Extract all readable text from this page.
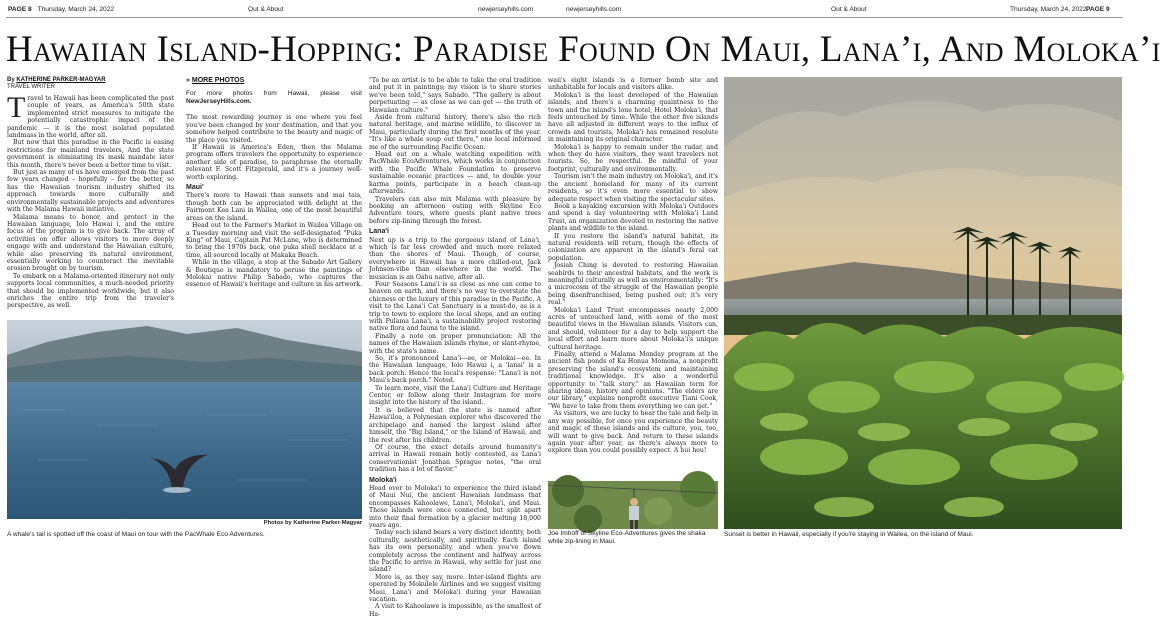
PAGE 8 Thursday, March 24, 2022	Out & About	newjerseyhills.com	newjerseyhills.com	Out & About	Thursday, March 24, 2022 PAGE 9
Hawaiian Island-Hopping: Paradise Found On Maui, Lana’i, And Moloka’i
By KATHERINE PARKER-MAGYAR
TRAVEL WRITER
T ravel to Hawaii has been complicated the past couple of years, as America's 50th state implemented strict measures to mitigate the potentially catastrophic impact of the pandemic — it is the most isolated populated landmass in the world, after all.

But now that this paradise in the Pacific is easing restrictions for mainland travelers, And the state government is eliminating its mask mandate later this month, there's never been a better time to visit.

But just as many of us have emerged from the past few years changed – hopefully – for the better, so has the Hawaiian tourism industry shifted its approach towards more culturally and environmentally sustainable projects and adventures with the Malama Hawaii initiative.

Malama means to honor, and protect in the Hawaiian language, Iolo Hawai i, and the entire focus of the program is to give back. The array of activities on offer allows visitors to more deeply engage with and understand the Hawaiian culture, while also preserving its natural environment, essentially working to counteract the inevitable erosion brought on by tourism.

To embark on a Malama-oriented itinerary not only supports local communities, a much-needed priority that should be implemented worldwide, but it also enriches the entire trip from the traveler's perspective, as well.

» MORE PHOTOS
For more photos from Hawaii, please visit NewJerseyHills.com.

The most rewarding journey is one where you feel you've been changed by your destination, and that you somehow helped contribute to the beauty and magic of the place you visited.

If Hawaii is America's Eden, then the Malama program offers travelers the opportunity to experience another side of paradise, to paraphrase the eternally relevant F. Scott Fitzgerald, and it's a journey well-worth exploring.

Maui'

There's more to Hawaii than sunsets and mai tais, though both can be appreciated with delight at the Fairmont Kea Lani in Wailea, one of the most beautiful areas on the island.

Head out to the Farmer's Market in Wailea Village on a Tuesday morning and visit the self-designated "Puka King" of Maui, Captain Pat McLane, who is determined to bring the 1970s back, one puka shell necklace at a time, all sourced locally at Makaka Beach.

While in the village, a stop at the Sabado Art Gallery & Boutique is mandatory to peruse the paintings of Molokai native Philip Sabado, who captures the essence of Hawaii's heritage and culture in his artwork.

Photos by Katherine Parker-Magyar
A whale's tail is spotted off the coast of Maui on tour with the PacWhale Eco Adventures.

"To be an artist is to be able to take the oral tradition and put it in paintings; my vision is to share stories we've been told," says Sabado. "The gallery is about perpetuating — as close as we can get — the truth of Hawaiian culture."

Aside from cultural history, there's also the rich natural heritage, and marine wildlife, to discover in Maui, particularly during the first months of the year. "It's like a whale soup out there," one local informed me of the surrounding Pacific Ocean.

Head out on a whale watching expedition with PacWhale EcoAdventures, which works in conjunction with the Pacific Whale Foundation to preserve sustainable oceanic practices — and, to double your karma points, participate in a beach clean-up afterwards.

Travelers can also mix Malama with pleasure by booking an afternoon outing with Skyline Eco Adventure tours, where guests plant native trees before zip-lining through the forest.

Lana'i

Next up is a trip to the gorgeous island of Lana'i, which is far less crowded and much more relaxed than the shores of Maui. Though, of course, everywhere in Hawaii has a more chilled-out, Jack Johnson-vibe than elsewhere in the world. The musician is an Oahu native, after all.

Four Seasons Lana'i is as close as one can come to heaven on earth, and there's no way to overstate the chicness or the luxury of this paradise in the Pacific. A visit to the Lana'i Cat Sanctuary is a must-do, as is a trip to town to explore the local shops, and an outing with Pulama Lana'i, a sustainability project restoring native flora and fauna to the island.

Finally a note on proper pronunciation: All the names of the Hawaiian islands rhyme, or slant-rhyme, with the state's name.

So, it's pronounced Lana'i—ee, or Molokai—ee. In the Hawaiian language, Iolo Hawai i, a 'lanai' is a back porch. Hence the local's response: "Lana'i is not Maui's back porch." Noted.

To learn more, visit the Lana'i Culture and Heritage Center, or follow along their Instagram for more insight into the history of the island.

It is believed that the state is named after Hawai'iloa, a Polynesian explorer who discovered the archipelago and named the largest island after himself, the "Big Island," or the Island of Hawaii, and the rest after his children.

Of course, the exact details around humanity's arrival in Hawaii remain hotly contested, as Lana'i conservationist Jonathan Sprague notes, "the oral tradition has a lot of flavor."

Moloka'i

Head over to Moloka'i to experience the third island of Maui Nui, the ancient Hawaiian landmass that encompasses Kahoolawe, Lana'i, Moloka'i, and Maui. These islands were once connected, but split apart into their final formation by a glacier melting 18,000 years ago.

Today each island bears a very distinct identity, both culturally, aesthetically, and spiritually. Each island has its own personality, and when you've flown completely across the continent and halfway across the Pacific to arrive in Hawaii, why settle for just one island?

More is, as they say, more. Inter-island flights are operated by Mokulele Airlines and we suggest visiting Maui, Lana'i and Moloka'i during your Hawaiian vacation.

A visit to Kahoolawe is impossible, as the smallest of Ha-

waii's eight islands is a former bomb site and unhabitable for locals and visitors alike.

Moloka'i is the least developed of the Hawaiian islands, and there's a charming quaintness to the town and the island's lone hotel, Hotel Moloka'i, that feels untouched by time. While the other five islands have all adjusted in different ways to the influx of crowds and tourists, Moloka'i has remained resolute in maintaining its original character.

Moloka'i is happy to remain under the radar, and when they do have visitors, they want travelers not tourists. So, be respectful. Be mindful of your footprint, culturally and environmentally.

Tourism isn't the main industry on Moloka'i, and it's the ancient homeland for many of its current residents, so it's even more essential to show adequate respect when visiting the spectacular sites.

Book a kayaking excursion with Moloka'i Outdoors and spend a day volunteering with Moloka'i Land Trust, an organization devoted to restoring the native plants and wildlife to the island.

If you restore the island's natural habitat, its natural residents will return, though the effects of colonization are apparent in the island's feral cat population.

Josiah Ching is devoted to restoring Hawaiian seabirds to their ancestral habitats, and the work is meaningful culturally as well as environmentally: "It's a microcosm of the struggle of the Hawaiian people being disenfranchised, being pushed out; it's very real."

Moloka'i Land Trust encompasses nearly 2,000 acres of untouched land, with some of the most beautiful views in the Hawaiian islands. Visitors can, and should, volunteer for a day to help support the local effort and learn more about Moloka'i's unique cultural heritage.

Finally, attend a Malama Monday program at the ancient fish ponds of Ka Honua Momona, a nonprofit preserving the island's ecosystem and maintaining traditional knowledge. It's also a wonderful opportunity to "talk story," an Hawaiian term for sharing ideas, history and opinions. "The elders are our library," explains nonprofit executive Tiani Cook, "We have to take from them everything we can get."

As visitors, we are lucky to hear the tale and help in any way possible, for once you experience the beauty and magic of these islands and its culture, you, too, will want to give back. And return to these islands again year after year, as there's always more to explore than you could possibly expect. A hui hou!

Joe Imhoff of Skyline Eco-Adventures gives the shaka while zip-lining in Maui.
Sunset is better in Hawaii, especially if you're staying in Wailea, on the island of Maui.
